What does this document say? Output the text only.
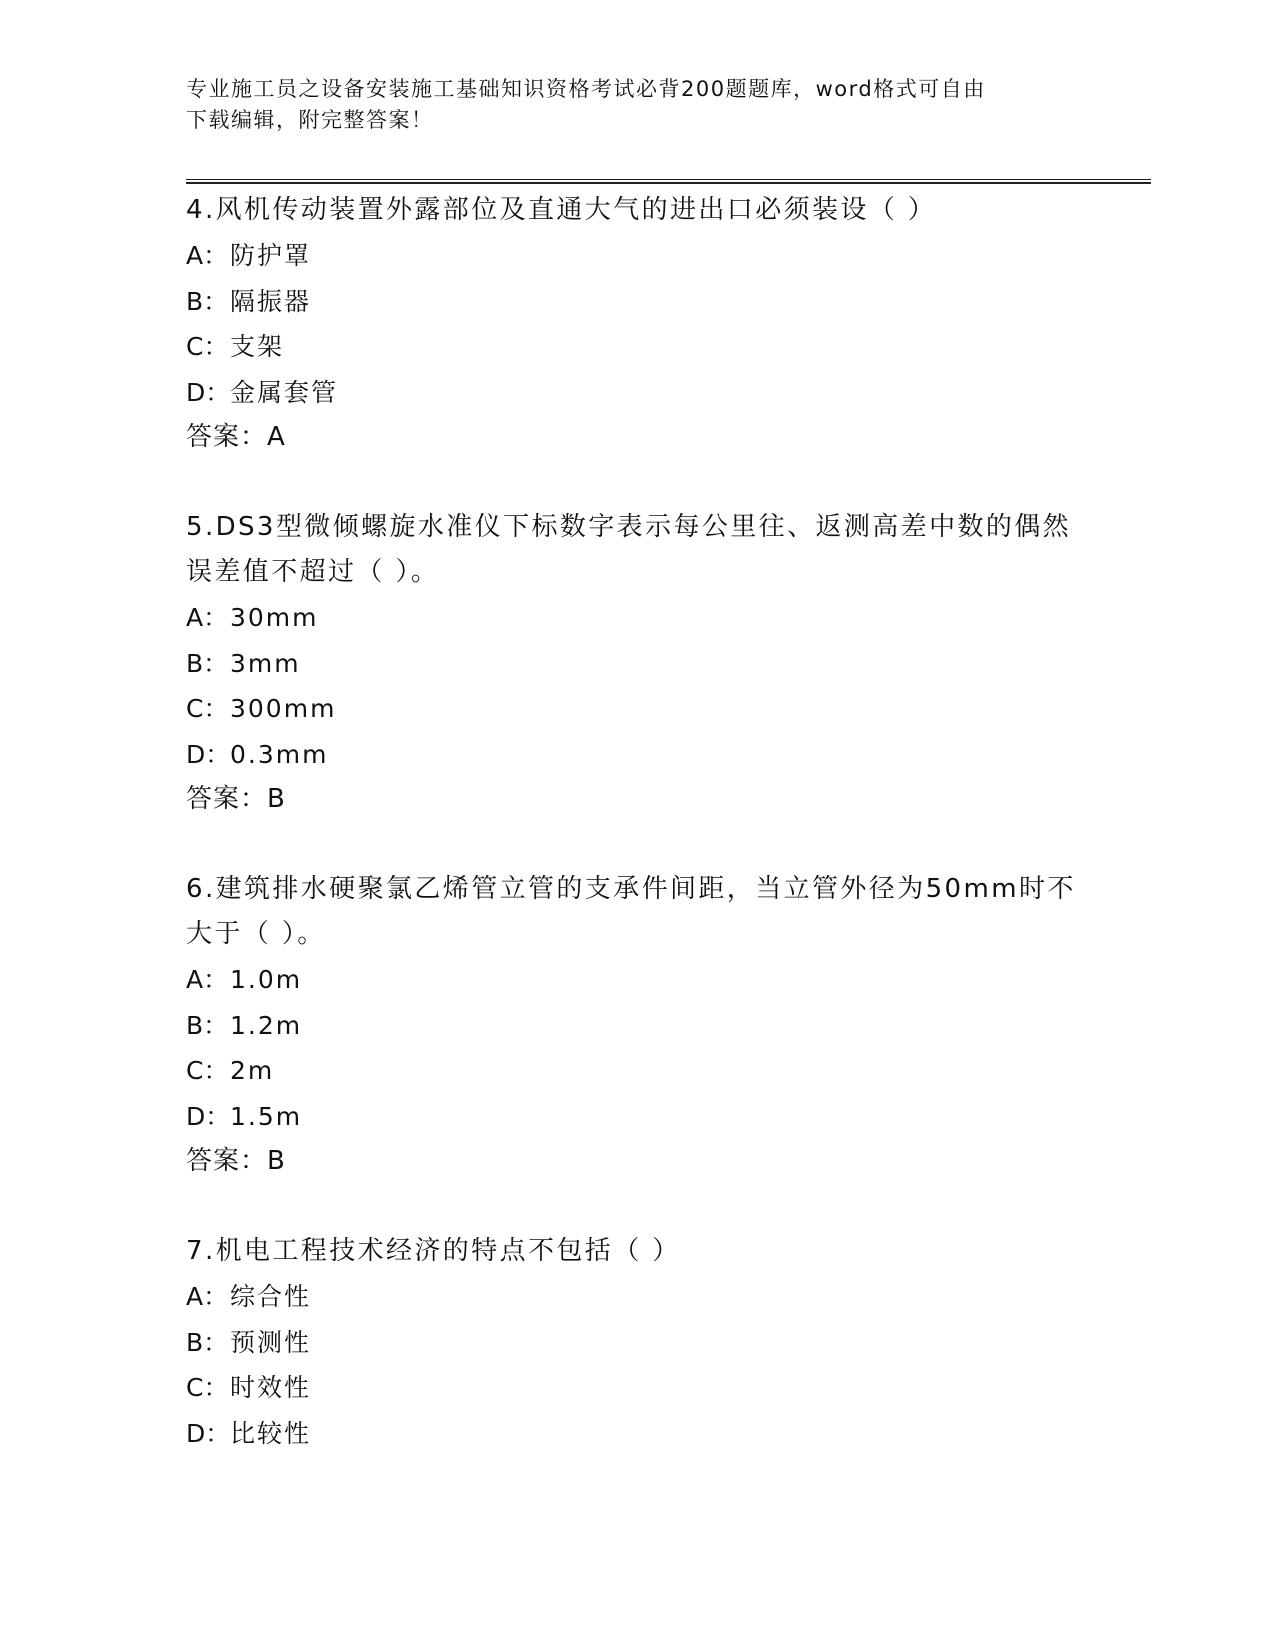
专业施工员之设备安装施工基础知识资格考试必背200题题库，word格式可自由
下载编辑，附完整答案！

4.风机传动装置外露部位及直通大气的进出口必须装设（ ）

A：防护罩

B：隔振器

C：支架

D：金属套管

答案：A

5.DS3型微倾螺旋水准仪下标数字表示每公里往、返测高差中数的偶然

误差值不超过（ ）。

A：30mm

B：3mm

C：300mm

D：0.3mm

答案：B

6.建筑排水硬聚氯乙烯管立管的支承件间距，当立管外径为50mm时不

大于（ ）。

A：1.0m

B：1.2m

C：2m

D：1.5m

答案：B

7.机电工程技术经济的特点不包括（ ）

A：综合性

B：预测性

C：时效性

D：比较性
